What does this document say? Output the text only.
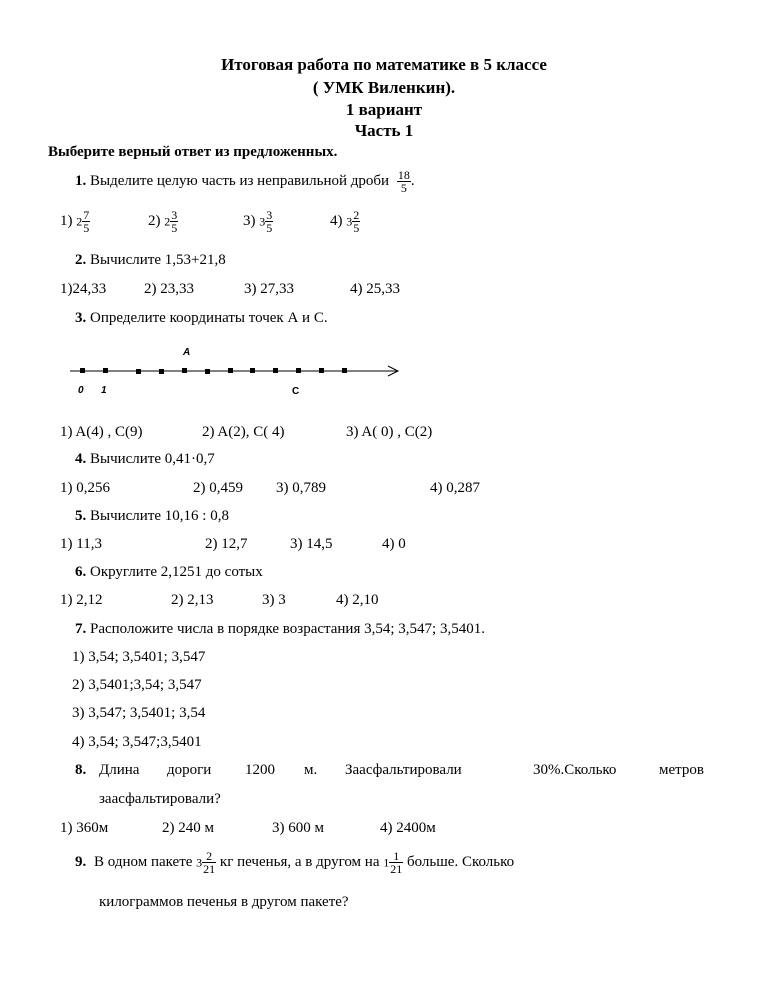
Итоговая работа по математике в 5 классе
( УМК Виленкин).
1 вариант
Часть 1
Выберите верный ответ из предложенных.
1. Выделите целую часть из неправильной дроби $\frac{18}{5}$ .
1) $2 \frac{7}{5}$	2) $2 \frac{3}{5}$	3) $3 \frac{3}{5}$	4) $3 \frac{2}{5}$
2. Вычислите 1,53+21,8
1)24,33	2) 23,33	3) 27,33	4) 25,33
3. Определите координаты точек А и С.
A
0 1	C
1) A(4) , C(9)	2) A(2), C( 4)	3) A( 0) , C(2)
4. Вычислите 0,41·0,7
1) 0,256	2) 0,459 3) 0,789	4) 0,287
5. Вычислите 10,16 : 0,8
1) 11,3	2) 12,7	3) 14,5	4) 0
6. Округлите 2,1251 до сотых
1) 2,12	2) 2,13	3) 3	4) 2,10
7. Расположите числа в порядке возрастания 3,54; 3,547; 3,5401.
1) 3,54; 3,5401; 3,547
2) 3,5401;3,54; 3,547
3) 3,547; 3,5401; 3,54
4) 3,54; 3,547;3,5401
8. Длина дороги 1200 м. Заасфальтировали	30%.Сколько	метров
заасфальтировали?
1) 360м	2) 240 м	3) 600 м	4) 2400м
9. В одном пакете $3 \frac{2}{21}$ кг печенья, а в другом на $1 \frac{1}{21}$ больше. Сколько
килограммов печенья в другом пакете?
